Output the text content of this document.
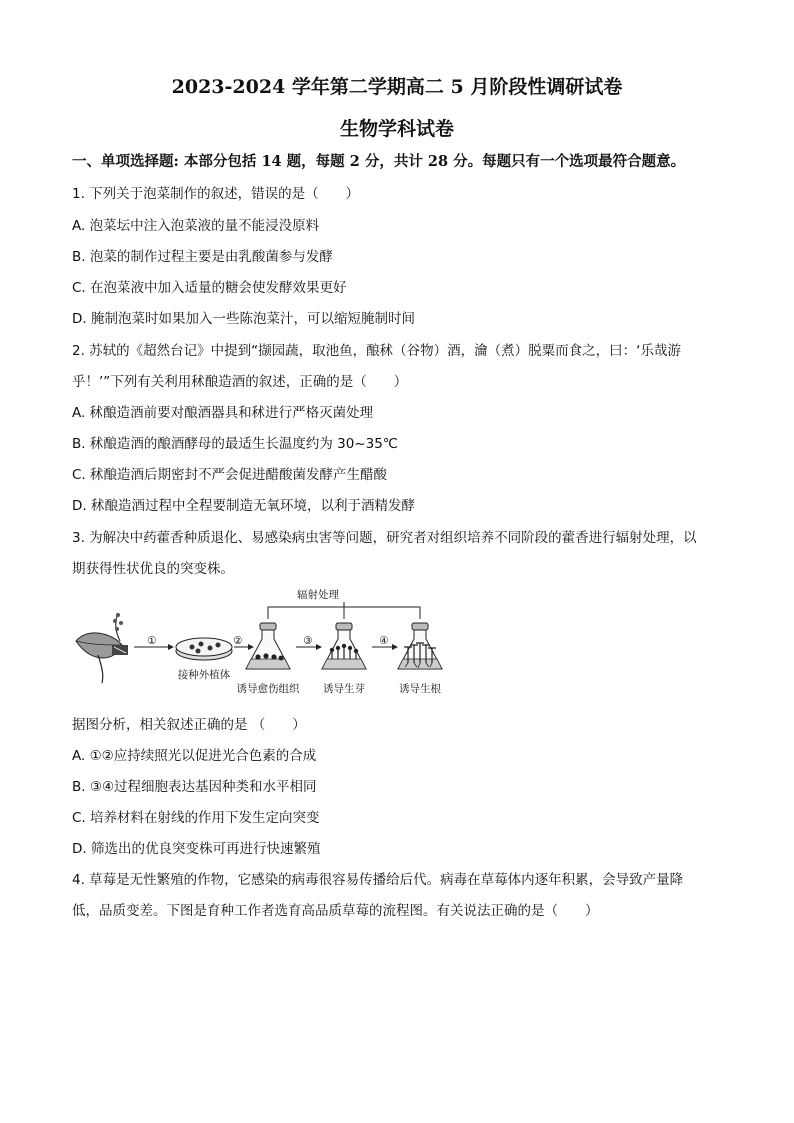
2023-2024 学年第二学期高二 5 月阶段性调研试卷
生物学科试卷
一、单项选择题: 本部分包括 14 题，每题 2 分，共计 28 分。每题只有一个选项最符合题意。
1. 下列关于泡菜制作的叙述，错误的是（　　）
A. 泡菜坛中注入泡菜液的量不能浸没原料
B. 泡菜的制作过程主要是由乳酸菌参与发酵
C. 在泡菜液中加入适量的糖会使发酵效果更好
D. 腌制泡菜时如果加入一些陈泡菜汁，可以缩短腌制时间
2. 苏轼的《超然台记》中提到“撷园蔬，取池鱼，酿秫（谷物）酒，瀹（煮）脱粟而食之，曰：‘乐哉游
乎！’”下列有关利用秫酿造酒的叙述，正确的是（　　）
A. 秫酿造酒前要对酿酒器具和秫进行严格灭菌处理
B. 秫酿造酒的酿酒酵母的最适生长温度约为 30~35℃
C. 秫酿造酒后期密封不严会促进醋酸菌发酵产生醋酸
D. 秫酿造酒过程中全程要制造无氧环境，以利于酒精发酵
3. 为解决中药藿香种质退化、易感染病虫害等问题，研究者对组织培养不同阶段的藿香进行辐射处理，以
期获得性状优良的突变株。
辐射处理
①
接种外植体
②
诱导愈伤组织
③
诱导生芽
④
诱导生根
据图分析，相关叙述正确的是 （　　）
A. ①②应持续照光以促进光合色素的合成
B. ③④过程细胞表达基因种类和水平相同
C. 培养材料在射线的作用下发生定向突变
D. 筛选出的优良突变株可再进行快速繁殖
4. 草莓是无性繁殖的作物，它感染的病毒很容易传播给后代。病毒在草莓体内逐年积累，会导致产量降
低，品质变差。下图是育种工作者选育高品质草莓的流程图。有关说法正确的是（　　）
